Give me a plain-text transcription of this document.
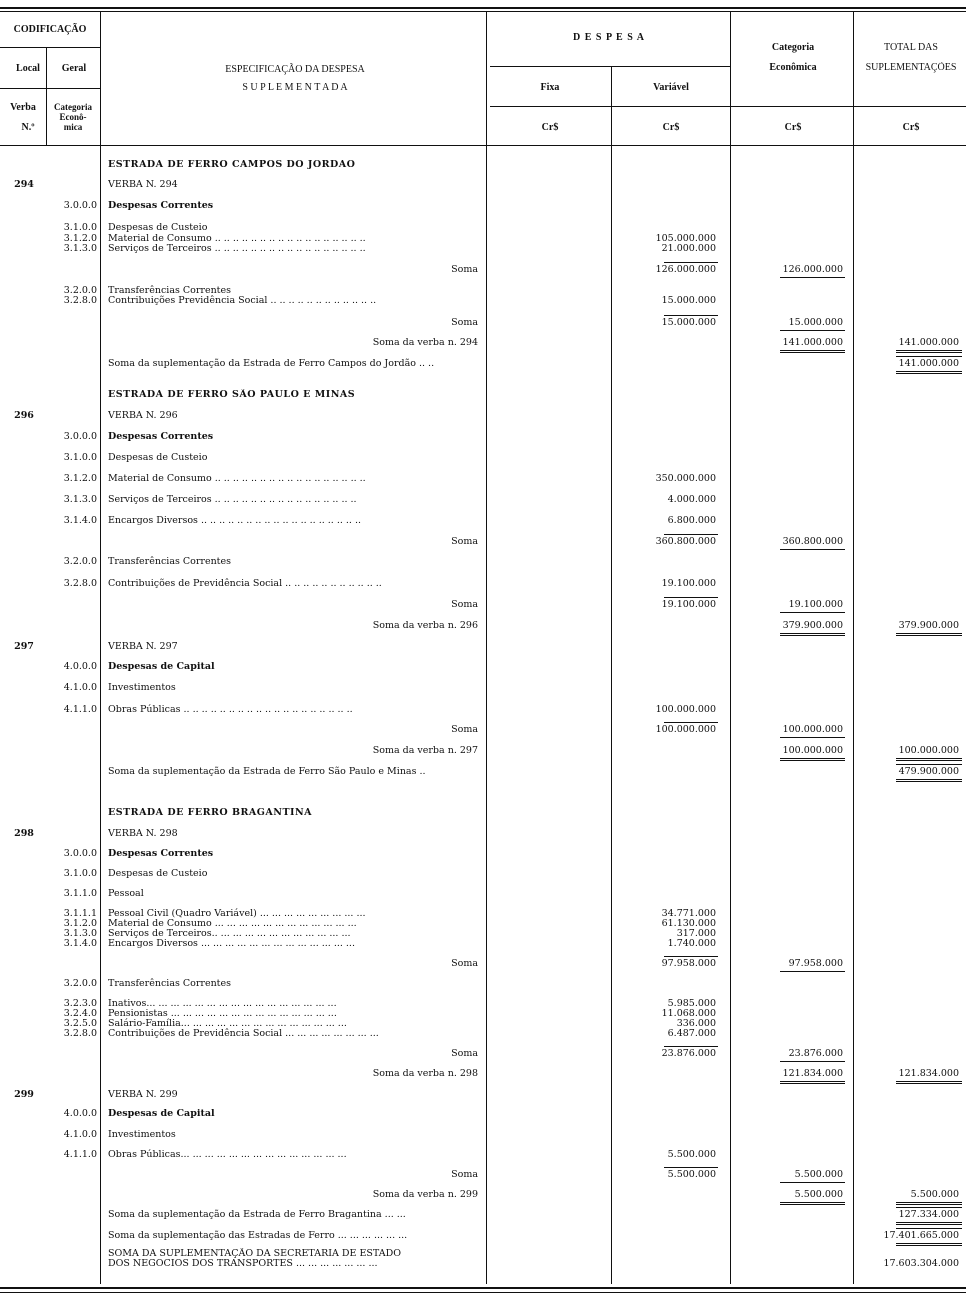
CODIFICAÇÃO
Local	Geral
Verba
N.º
Categoria
Econô-
mica
ESPECIFICAÇÃO DA DESPESA
S U P L E M E N T A D A
D E S P E S A
Fixa	Variável
Categoria
Econômica
TOTAL DAS
SUPLEMENTAÇÕES
Cr$	Cr$	Cr$	Cr$
ESTRADA DE FERRO CAMPOS DO JORDAO
294	VERBA N. 294
3.0.0.0 Despesas Correntes
3.1.0.0 Despesas de Custeio
3.1.2.0 Material de Consumo .. .. .. .. .. .. .. .. .. .. .. .. .. .. .. .. ..	105.000.000
3.1.3.0 Serviços de Terceiros .. .. .. .. .. .. .. .. .. .. .. .. .. .. .. .. ..	21.000.000
Soma	126.000.000	126.000.000
3.2.0.0 Transferências Correntes
3.2.8.0 Contribuições Previdência Social .. .. .. .. .. .. .. .. .. .. .. ..	15.000.000
Soma	15.000.000	15.000.000
Soma da verba n. 294	141.000.000	141.000.000
Soma da suplementação da Estrada de Ferro Campos do Jordão .. ..	141.000.000
ESTRADA DE FERRO SÃO PAULO E MINAS
296	VERBA N. 296
3.0.0.0 Despesas Correntes
3.1.0.0 Despesas de Custeio
3.1.2.0 Material de Consumo .. .. .. .. .. .. .. .. .. .. .. .. .. .. .. .. ..	350.000.000
3.1.3.0 Serviços de Terceiros .. .. .. .. .. .. .. .. .. .. .. .. .. .. .. ..	4.000.000
3.1.4.0 Encargos Diversos .. .. .. .. .. .. .. .. .. .. .. .. .. .. .. .. .. ..	6.800.000
Soma	360.800.000	360.800.000
3.2.0.0 Transferências Correntes
3.2.8.0 Contribuições de Previdência Social .. .. .. .. .. .. .. .. .. .. ..	19.100.000
Soma	19.100.000	19.100.000
Soma da verba n. 296	379.900.000	379.900.000
297	VERBA N. 297
4.0.0.0 Despesas de Capital
4.1.0.0 Investimentos
4.1.1.0 Obras Públicas .. .. .. .. .. .. .. .. .. .. .. .. .. .. .. .. .. .. ..	100.000.000
Soma	100.000.000	100.000.000
Soma da verba n. 297	100.000.000	100.000.000
Soma da suplementação da Estrada de Ferro São Paulo e Minas ..	479.900.000
ESTRADA DE FERRO BRAGANTINA
298	VERBA N. 298
3.0.0.0 Despesas Correntes
3.1.0.0 Despesas de Custeio
3.1.1.0 Pessoal
3.1.1.1 Pessoal Civil (Quadro Variável) ... ... ... ... ... ... ... ... ...	34.771.000
3.1.2.0 Material de Consumo ... ... ... ... ... ... ... ... ... ... ... ...	61.130.000
3.1.3.0 Serviços de Terceiros.. ... ... ... ... ... ... ... ... ... ... ...	317.000
3.1.4.0 Encargos Diversos ... ... ... ... ... ... ... ... ... ... ... ... ...	1.740.000
Soma	97.958.000	97.958.000
3.2.0.0 Transferências Correntes
3.2.3.0 Inativos... ... ... ... ... ... ... ... ... ... ... ... ... ... ... ...	5.985.000
3.2.4.0 Pensionistas ... ... ... ... ... ... ... ... ... ... ... ... ... ...	11.068.000
3.2.5.0 Salário-Família... ... ... ... ... ... ... ... ... ... ... ... ... ...	336.000
3.2.8.0 Contribuições de Previdência Social ... ... ... ... ... ... ... ...	6.487.000
Soma	23.876.000	23.876.000
Soma da verba n. 298	121.834.000	121.834.000
299	VERBA N. 299
4.0.0.0 Despesas de Capital
4.1.0.0 Investimentos
4.1.1.0 Obras Públicas... ... ... ... ... ... ... ... ... ... ... ... ... ...	5.500.000
Soma	5.500.000	5.500.000
Soma da verba n. 299	5.500.000	5.500.000
Soma da suplementação da Estrada de Ferro Bragantina ... ...	127.334.000
Soma da suplementação das Estradas de Ferro ... ... ... ... ... ...	17.401.665.000
SOMA DA SUPLEMENTAÇÃO DA SECRETARIA DE ESTADO
DOS NEGOCIOS DOS TRANSPORTES ... ... ... ... ... ... ...	17.603.304.000
